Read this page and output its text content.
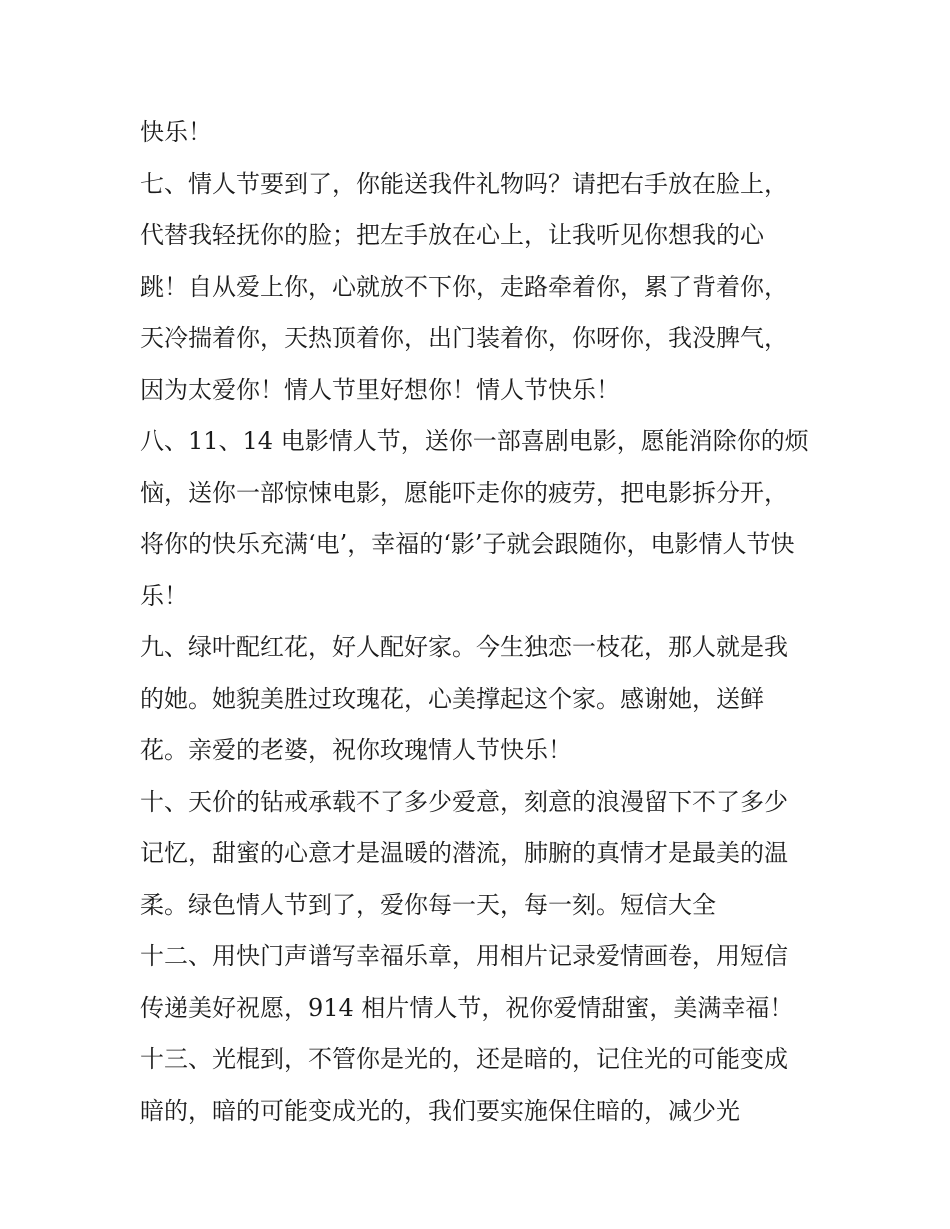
快乐！
七、情人节要到了，你能送我件礼物吗？请把右手放在脸上，
代替我轻抚你的脸；把左手放在心上，让我听见你想我的心
跳！自从爱上你，心就放不下你，走路牵着你，累了背着你，
天冷揣着你，天热顶着你，出门装着你，你呀你，我没脾气，
因为太爱你！情人节里好想你！情人节快乐！
八、11、14 电影情人节，送你一部喜剧电影，愿能消除你的烦
恼，送你一部惊悚电影，愿能吓走你的疲劳，把电影拆分开，
将你的快乐充满‘电’，幸福的‘影’子就会跟随你，电影情人节快
乐！
九、绿叶配红花，好人配好家。今生独恋一枝花，那人就是我
的她。她貌美胜过玫瑰花，心美撑起这个家。感谢她，送鲜
花。亲爱的老婆，祝你玫瑰情人节快乐！
十、天价的钻戒承载不了多少爱意，刻意的浪漫留下不了多少
记忆，甜蜜的心意才是温暖的潜流，肺腑的真情才是最美的温
柔。绿色情人节到了，爱你每一天，每一刻。短信大全
十二、用快门声谱写幸福乐章，用相片记录爱情画卷，用短信
传递美好祝愿，914 相片情人节，祝你爱情甜蜜，美满幸福！
十三、光棍到，不管你是光的，还是暗的，记住光的可能变成
暗的，暗的可能变成光的，我们要实施保住暗的，减少光
